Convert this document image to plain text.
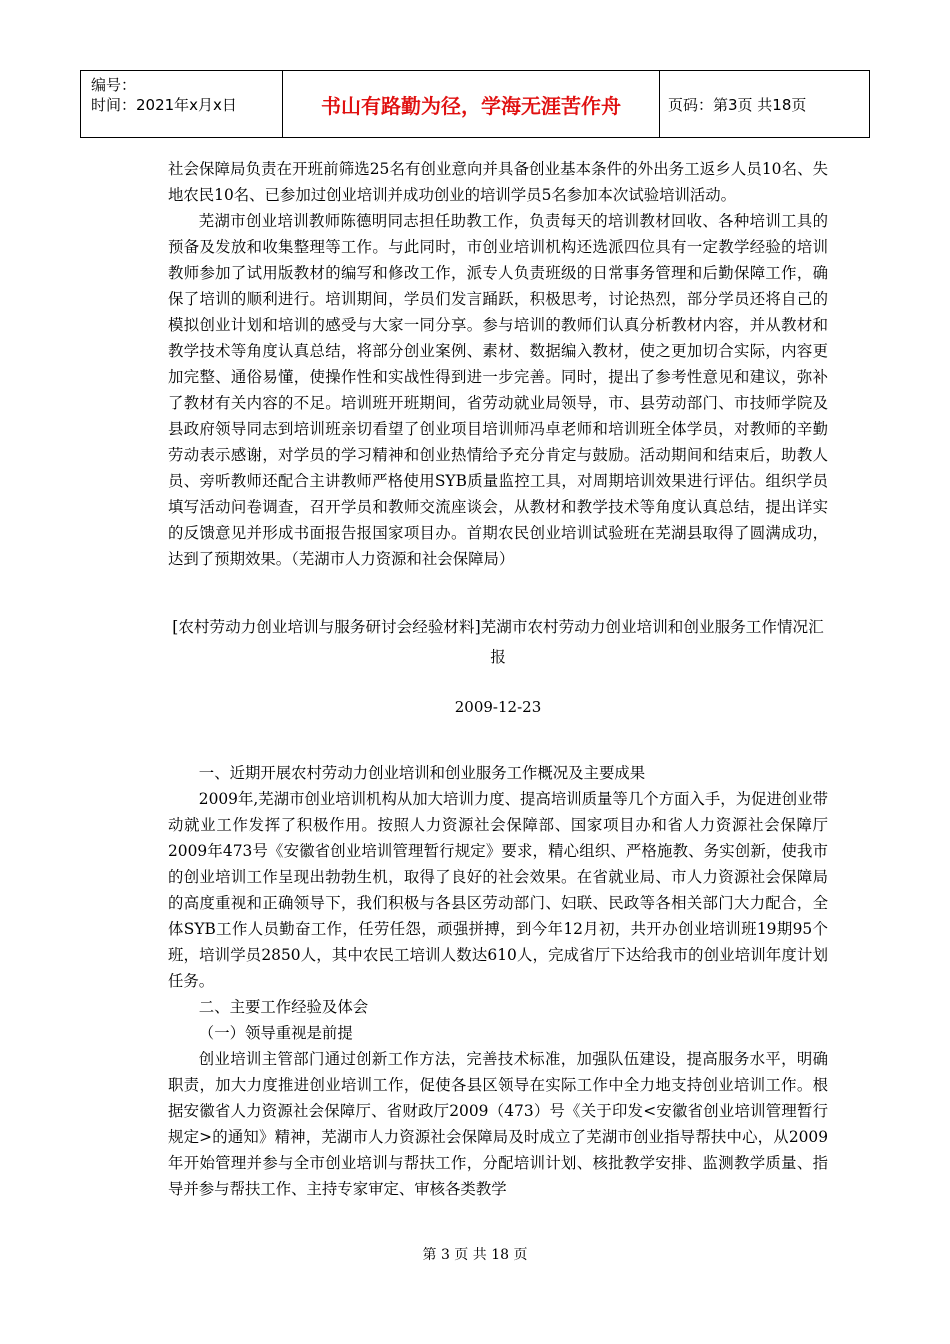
编号：
时间：2021年x月x日	书山有路勤为径，学海无涯苦作舟	页码：第3页 共18页

社会保障局负责在开班前筛选25名有创业意向并具备创业基本条件的外出务工返乡人员10名、失地农民10名、已参加过创业培训并成功创业的培训学员5名参加本次试验培训活动。

芜湖市创业培训教师陈德明同志担任助教工作，负责每天的培训教材回收、各种培训工具的预备及发放和收集整理等工作。与此同时，市创业培训机构还选派四位具有一定教学经验的培训教师参加了试用版教材的编写和修改工作，派专人负责班级的日常事务管理和后勤保障工作，确保了培训的顺利进行。培训期间，学员们发言踊跃，积极思考，讨论热烈，部分学员还将自己的模拟创业计划和培训的感受与大家一同分享。参与培训的教师们认真分析教材内容，并从教材和教学技术等角度认真总结，将部分创业案例、素材、数据编入教材，使之更加切合实际，内容更加完整、通俗易懂，使操作性和实战性得到进一步完善。同时，提出了参考性意见和建议，弥补了教材有关内容的不足。培训班开班期间，省劳动就业局领导，市、县劳动部门、市技师学院及县政府领导同志到培训班亲切看望了创业项目培训师冯卓老师和培训班全体学员，对教师的辛勤劳动表示感谢，对学员的学习精神和创业热情给予充分肯定与鼓励。活动期间和结束后，助教人员、旁听教师还配合主讲教师严格使用SYB质量监控工具，对周期培训效果进行评估。组织学员填写活动问卷调查，召开学员和教师交流座谈会，从教材和教学技术等角度认真总结，提出详实的反馈意见并形成书面报告报国家项目办。首期农民创业培训试验班在芜湖县取得了圆满成功，达到了预期效果。（芜湖市人力资源和社会保障局）

[农村劳动力创业培训与服务研讨会经验材料]芜湖市农村劳动力创业培训和创业服务工作情况汇报

2009-12-23

一、近期开展农村劳动力创业培训和创业服务工作概况及主要成果

2009年,芜湖市创业培训机构从加大培训力度、提高培训质量等几个方面入手，为促进创业带动就业工作发挥了积极作用。按照人力资源社会保障部、国家项目办和省人力资源社会保障厅2009年473号《安徽省创业培训管理暂行规定》要求，精心组织、严格施教、务实创新，使我市的创业培训工作呈现出勃勃生机，取得了良好的社会效果。在省就业局、市人力资源社会保障局的高度重视和正确领导下，我们积极与各县区劳动部门、妇联、民政等各相关部门大力配合，全体SYB工作人员勤奋工作，任劳任怨，顽强拼搏，到今年12月初，共开办创业培训班19期95个班，培训学员2850人，其中农民工培训人数达610人，完成省厅下达给我市的创业培训年度计划任务。

二、主要工作经验及体会

（一）领导重视是前提

创业培训主管部门通过创新工作方法，完善技术标准，加强队伍建设，提高服务水平，明确职责，加大力度推进创业培训工作，促使各县区领导在实际工作中全力地支持创业培训工作。根据安徽省人力资源社会保障厅、省财政厅2009（473）号《关于印发<安徽省创业培训管理暂行规定>的通知》精神，芜湖市人力资源社会保障局及时成立了芜湖市创业指导帮扶中心，从2009年开始管理并参与全市创业培训与帮扶工作，分配培训计划、核批教学安排、监测教学质量、指导并参与帮扶工作、主持专家审定、审核各类教学

第 3 页 共 18 页
